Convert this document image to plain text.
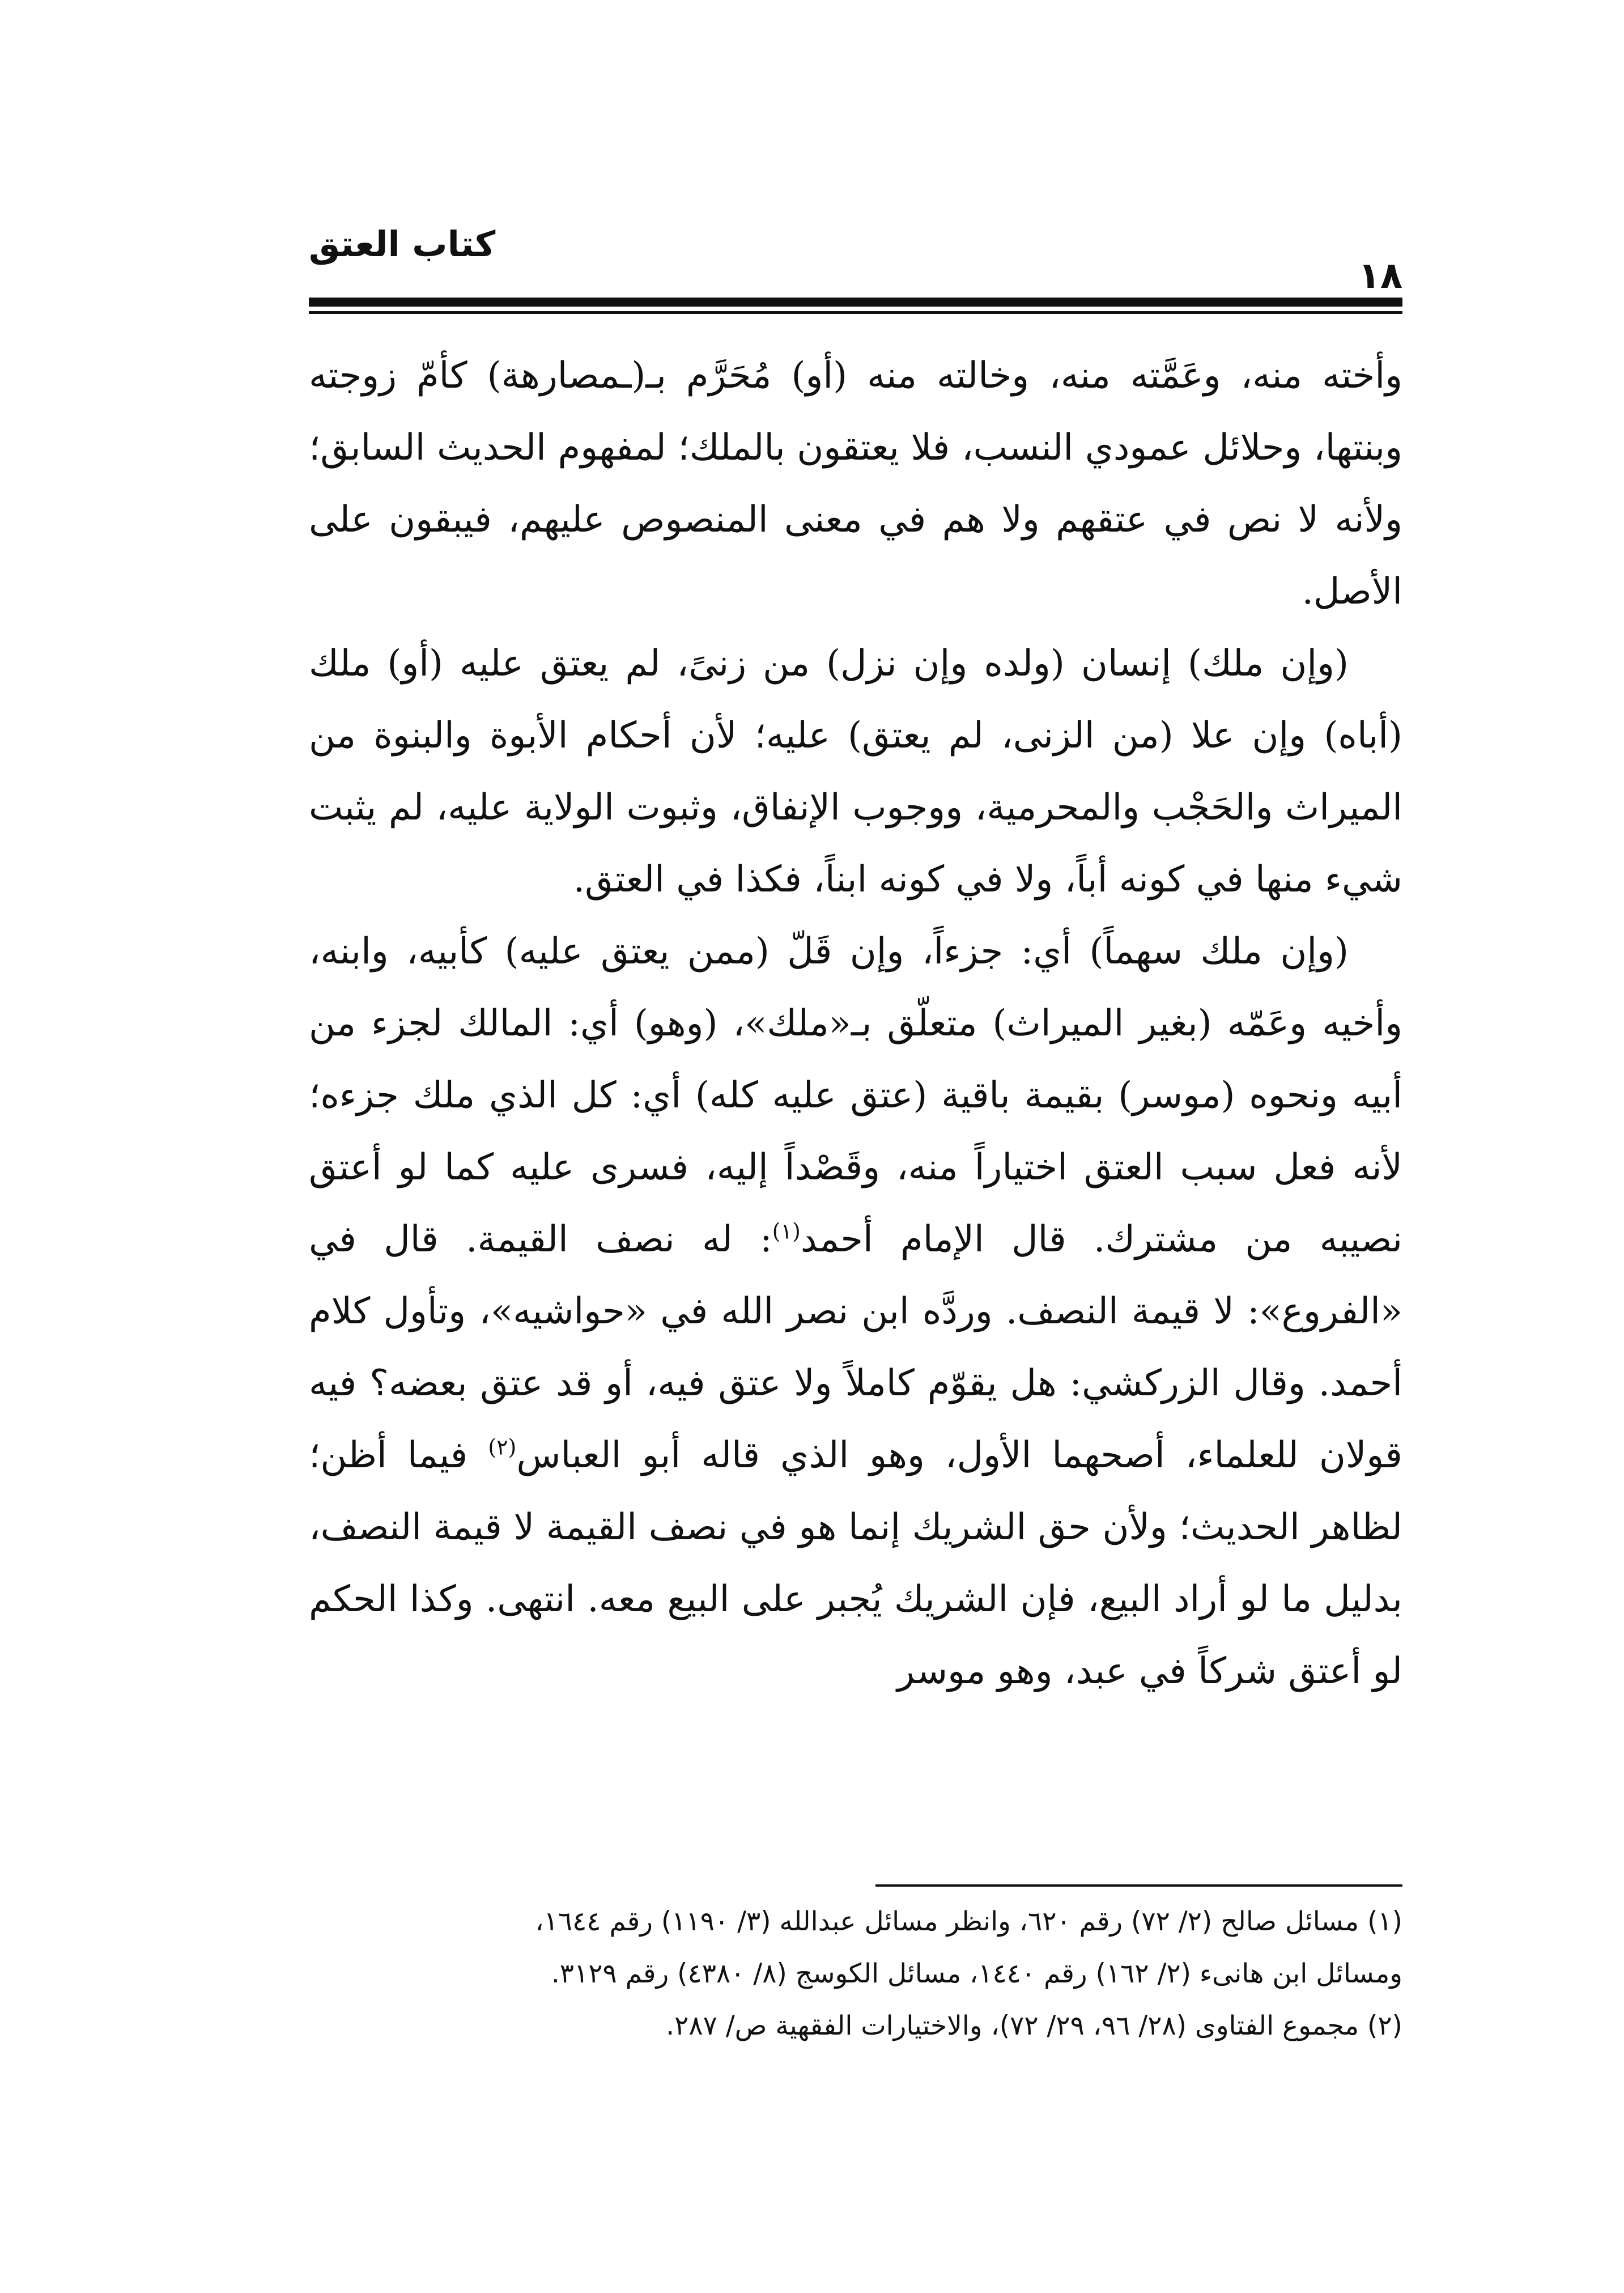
١٨
كتاب العتق

وأخته منه، وعَمَّته منه، وخالته منه (أو) مُحَرَّم بـ(ـمصارهة) كأمّ زوجته وبنتها، وحلائل عمودي النسب، فلا يعتقون بالملك؛ لمفهوم الحديث السابق؛ ولأنه لا نص في عتقهم ولا هم في معنى المنصوص عليهم، فيبقون على الأصل.

(وإن ملك) إنسان (ولده وإن نزل) من زنىً، لم يعتق عليه (أو) ملك (أباه) وإن علا (من الزنى، لم يعتق) عليه؛ لأن أحكام الأبوة والبنوة من الميراث والحَجْب والمحرمية، ووجوب الإنفاق، وثبوت الولاية عليه، لم يثبت شيء منها في كونه أباً، ولا في كونه ابناً، فكذا في العتق.

(وإن ملك سهماً) أي: جزءاً، وإن قَلّ (ممن يعتق عليه) كأبيه، وابنه، وأخيه وعَمّه (بغير الميراث) متعلّق بـ«ملك»، (وهو) أي: المالك لجزء من أبيه ونحوه (موسر) بقيمة باقية (عتق عليه كله) أي: كل الذي ملك جزءه؛ لأنه فعل سبب العتق اختياراً منه، وقَصْداً إليه، فسرى عليه كما لو أعتق نصيبه من مشترك. قال الإمام أحمد$^{(١)}$: له نصف القيمة. قال في «الفروع»: لا قيمة النصف. وردَّه ابن نصر الله في «حواشيه»، وتأول كلام أحمد. وقال الزركشي: هل يقوّم كاملاً ولا عتق فيه، أو قد عتق بعضه؟ فيه قولان للعلماء، أصحهما الأول، وهو الذي قاله أبو العباس$^{(٢)}$ فيما أظن؛ لظاهر الحديث؛ ولأن حق الشريك إنما هو في نصف القيمة لا قيمة النصف، بدليل ما لو أراد البيع، فإن الشريك يُجبر على البيع معه. انتهى. وكذا الحكم لو أعتق شركاً في عبد، وهو موسر

(١) مسائل صالح (٢/ ٧٢) رقم ٦٢٠، وانظر مسائل عبدالله (٣/ ١١٩٠) رقم ١٦٤٤،
ومسائل ابن هانىء (٢/ ١٦٢) رقم ١٤٤٠، مسائل الكوسج (٨/ ٤٣٨٠) رقم ٣١٢٩.
(٢) مجموع الفتاوى (٢٨/ ٩٦، ٢٩/ ٧٢)، والاختيارات الفقهية ص/ ٢٨٧.
